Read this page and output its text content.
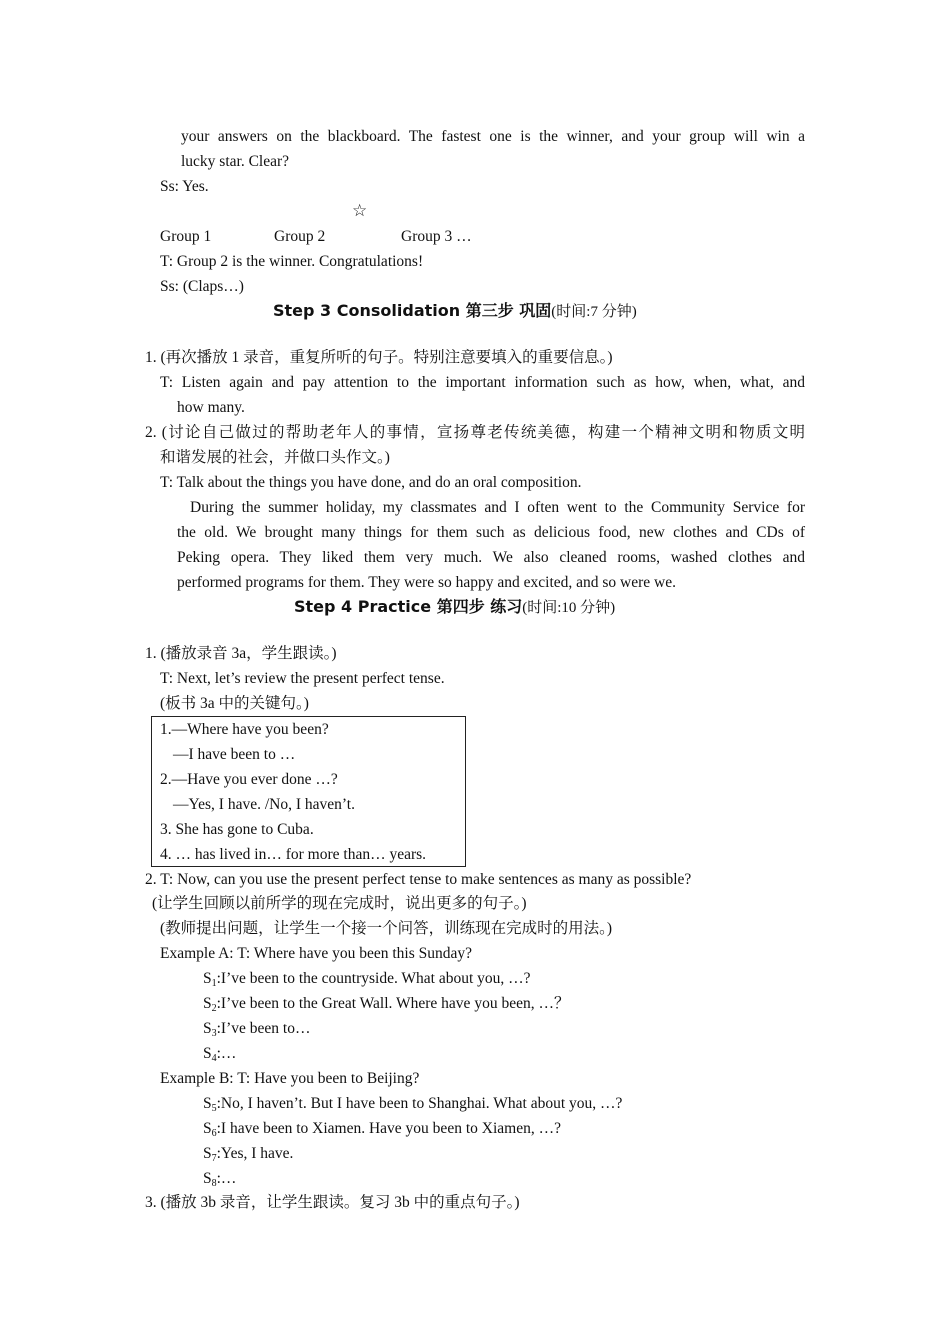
your answers on the blackboard. The fastest one is the winner, and your group will win a
lucky star. Clear?
Ss: Yes.
☆
Group 1	Group 2	Group 3 …
T: Group 2 is the winner. Congratulations!
Ss: (Claps…)
Step 3 Consolidation 第三步 巩固(时间:7 分钟)
1. (再次播放 1 录音，重复所听的句子。特别注意要填入的重要信息。)
T: Listen again and pay attention to the important information such as how, when, what, and
how many.
2. (讨论自己做过的帮助老年人的事情，宣扬尊老传统美德，构建一个精神文明和物质文明
和谐发展的社会，并做口头作文。)
T: Talk about the things you have done, and do an oral composition.
During the summer holiday, my classmates and I often went to the Community Service for
the old. We brought many things for them such as delicious food, new clothes and CDs of
Peking opera. They liked them very much. We also cleaned rooms, washed clothes and
performed programs for them. They were so happy and excited, and so were we.
Step 4 Practice 第四步 练习(时间:10 分钟)
1. (播放录音 3a，学生跟读。)
T: Next, let’s review the present perfect tense.
(板书 3a 中的关键句。)
1.—Where have you been?
—I have been to …
2.—Have you ever done …?
—Yes, I have. /No, I haven’t.
3. She has gone to Cuba.
4. … has lived in… for more than… years.
2. T: Now, can you use the present perfect tense to make sentences as many as possible?
(让学生回顾以前所学的现在完成时，说出更多的句子。)
(教师提出问题，让学生一个接一个问答，训练现在完成时的用法。)
Example A: T: Where have you been this Sunday?
$S_1:I’ve$ been to the countryside. What about you, …?
$S_2:I’ve$ been to the Great Wall. Where have you been, …？
$S_3:I’ve$ been to…
$S_4:\dots$
Example B: T: Have you been to Beijing?
$S_5:No$, I haven’t. But I have been to Shanghai. What about you, …?
$S_6:I$ have been to Xiamen. Have you been to Xiamen, …?
$S_7:Yes$, I have.
$S_8:\dots$
3. (播放 3b 录音，让学生跟读。复习 3b 中的重点句子。)
